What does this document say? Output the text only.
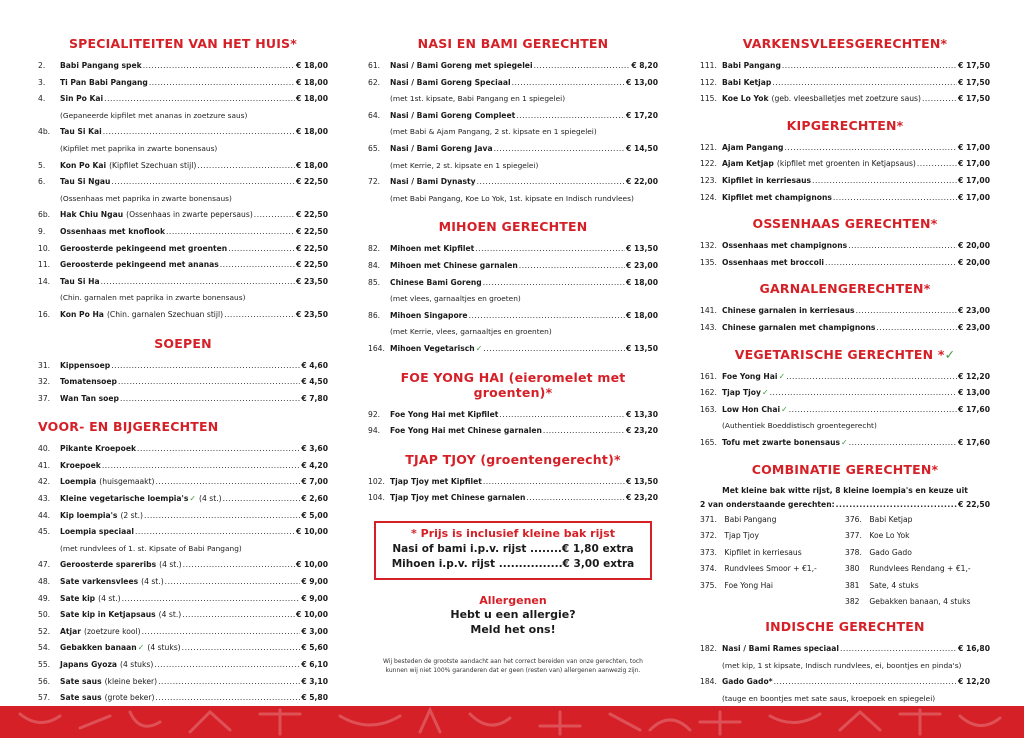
SPECIALITEITEN VAN HET HUIS*
2.	Babi Pangang spek .....	€ 18,00
3.	Ti Pan Babi Pangang .....	€ 18,00
4.	Sin Po Kai .....	€ 18,00
(Gepaneerde kipfilet met ananas in zoetzure saus)
4b.	Tau Si Kai .....	€ 18,00
(Kipfilet met paprika in zwarte bonensaus)
5.	Kon Po Kai (Kipfilet Szechuan stijl) .....	€ 18,00
6.	Tau Si Ngau .....	€ 22,50
(Ossenhaas met paprika in zwarte bonensaus)
6b.	Hak Chiu Ngau (Ossenhaas in zwarte pepersaus) .....	€ 22,50
9.	Ossenhaas met knoflook .....	€ 22,50
10.	Geroosterde pekingeend met groenten .....	€ 22,50
11.	Geroosterde pekingeend met ananas .....	€ 22,50
14.	Tau Si Ha .....	€ 23,50
(Chin. garnalen met paprika in zwarte bonensaus)
16.	Kon Po Ha (Chin. garnalen Szechuan stijl) .....	€ 23,50
SOEPEN
31.	Kippensoep .....	€ 4,60
32.	Tomatensoep .....	€ 4,50
37.	Wan Tan soep .....	€ 7,80
VOOR- EN BIJGERECHTEN
40.	Pikante Kroepoek .....	€ 3,60
41.	Kroepoek .....	€ 4,20
42.	Loempia (huisgemaakt) .....	€ 7,00
43.	Kleine vegetarische loempia's ✓ (4 st.) .....	€ 2,60
44.	Kip loempia's (2 st.) .....	€ 5,00
45.	Loempia speciaal .....	€ 10,00
(met rundvlees of 1. st. Kipsate of Babi Pangang)
47.	Geroosterde spareribs (4 st.) .....	€ 10,00
48.	Sate varkensvlees (4 st.) .....	€ 9,00
49.	Sate kip (4 st.) .....	€ 9,00
50.	Sate kip in Ketjapsaus (4 st.) .....	€ 10,00
52.	Atjar (zoetzure kool) .....	€ 3,00
54.	Gebakken banaan ✓ (4 stuks) .....	€ 5,60
55.	Japans Gyoza (4 stuks) .....	€ 6,10
56.	Sate saus (kleine beker) .....	€ 3,10
57.	Sate saus (grote beker) .....	€ 5,80
.....
.....
NASI EN BAMI GERECHTEN
61.	Nasi / Bami Goreng met spiegelei .....	€ 8,20
62.	Nasi / Bami Goreng Speciaal .....	€ 13,00
(met 1st. kipsate, Babi Pangang en 1 spiegelei)
64.	Nasi / Bami Goreng Compleet .....	€ 17,20
(met Babi & Ajam Pangang, 2 st. kipsate en 1 spiegelei)
65.	Nasi / Bami Goreng Java .....	€ 14,50
(met Kerrie, 2 st. kipsate en 1 spiegelei)
72.	Nasi / Bami Dynasty .....	€ 22,00
(met Babi Pangang, Koe Lo Yok, 1st. kipsate en Indisch rundvlees)
MIHOEN GERECHTEN
82.	Mihoen met Kipfilet .....	€ 13,50
84.	Mihoen met Chinese garnalen .....	€ 23,00
85.	Chinese Bami Goreng .....	€ 18,00
(met vlees, garnaaltjes en groeten)
86.	Mihoen Singapore .....	€ 18,00
(met Kerrie, vlees, garnaaltjes en groenten)
164. Mihoen Vegetarisch ✓ .....	€ 13,50
FOE YONG HAI (eieromelet met groenten)*
92.	Foe Yong Hai met Kipfilet .....	€ 13,30
94.	Foe Yong Hai met Chinese garnalen .....	€ 23,20
TJAP TJOY (groentengerecht)*
102. Tjap Tjoy met Kipfilet .....	€ 13,50
104. Tjap Tjoy met Chinese garnalen .....	€ 23,20
* Prijs is inclusief kleine bak rijst
Nasi of bami i.p.v. rijst ........€ 1,80 extra
Mihoen i.p.v. rijst ................€ 3,00 extra
Allergenen
Hebt u een allergie?
Meld het ons!
Wij besteden de grootste aandacht aan het correct bereiden van onze gerechten, toch
kunnen wij niet 100% garanderen dat er geen (resten van) allergenen aanwezig zijn.
VARKENSVLEESGERECHTEN*
111. Babi Pangang .....	€ 17,50
112. Babi Ketjap .....	€ 17,50
115. Koe Lo Yok (geb. vleesballetjes met zoetzure saus) .....	€ 17,50
KIPGERECHTEN*
121. Ajam Pangang .....	€ 17,00
122. Ajam Ketjap (kipfilet met groenten in Ketjapsaus) .....	€ 17,00
123. Kipfilet in kerriesaus .....	€ 17,00
124. Kipfilet met champignons .....	€ 17,00
OSSENHAAS GERECHTEN*
132. Ossenhaas met champignons .....	€ 20,00
135. Ossenhaas met broccoli .....	€ 20,00
GARNALENGERECHTEN*
141. Chinese garnalen in kerriesaus .....	€ 23,00
143. Chinese garnalen met champignons .....	€ 23,00
VEGETARISCHE GERECHTEN *✓
161. Foe Yong Hai ✓ .....	€ 12,20
162. Tjap Tjoy ✓ .....	€ 13,00
163. Low Hon Chai ✓ .....	€ 17,60
(Authentiek Boeddistisch groentegerecht)
165. Tofu met zwarte bonensaus ✓ .....	€ 17,60
COMBINATIE GERECHTEN*
Met kleine bak witte rijst, 8 kleine loempia's en keuze uit
2 van onderstaande gerechten: .....	€ 22,50
371. Babi Pangang
372. Tjap Tjoy
373. Kipfilet in kerriesaus
374. Rundvlees Smoor + €1,-
375. Foe Yong Hai
376. Babi Ketjap
377. Koe Lo Yok
378. Gado Gado
380 Rundvlees Rendang + €1,-
381 Sate, 4 stuks
382 Gebakken banaan, 4 stuks
INDISCHE GERECHTEN
182. Nasi / Bami Rames speciaal .....	€ 16,80
(met kip, 1 st kipsate, Indisch rundvlees, ei, boontjes en pinda's)
184. Gado Gado* .....	€ 12,20
(tauge en boontjes met sate saus, kroepoek en spiegelei)
.....
.....
